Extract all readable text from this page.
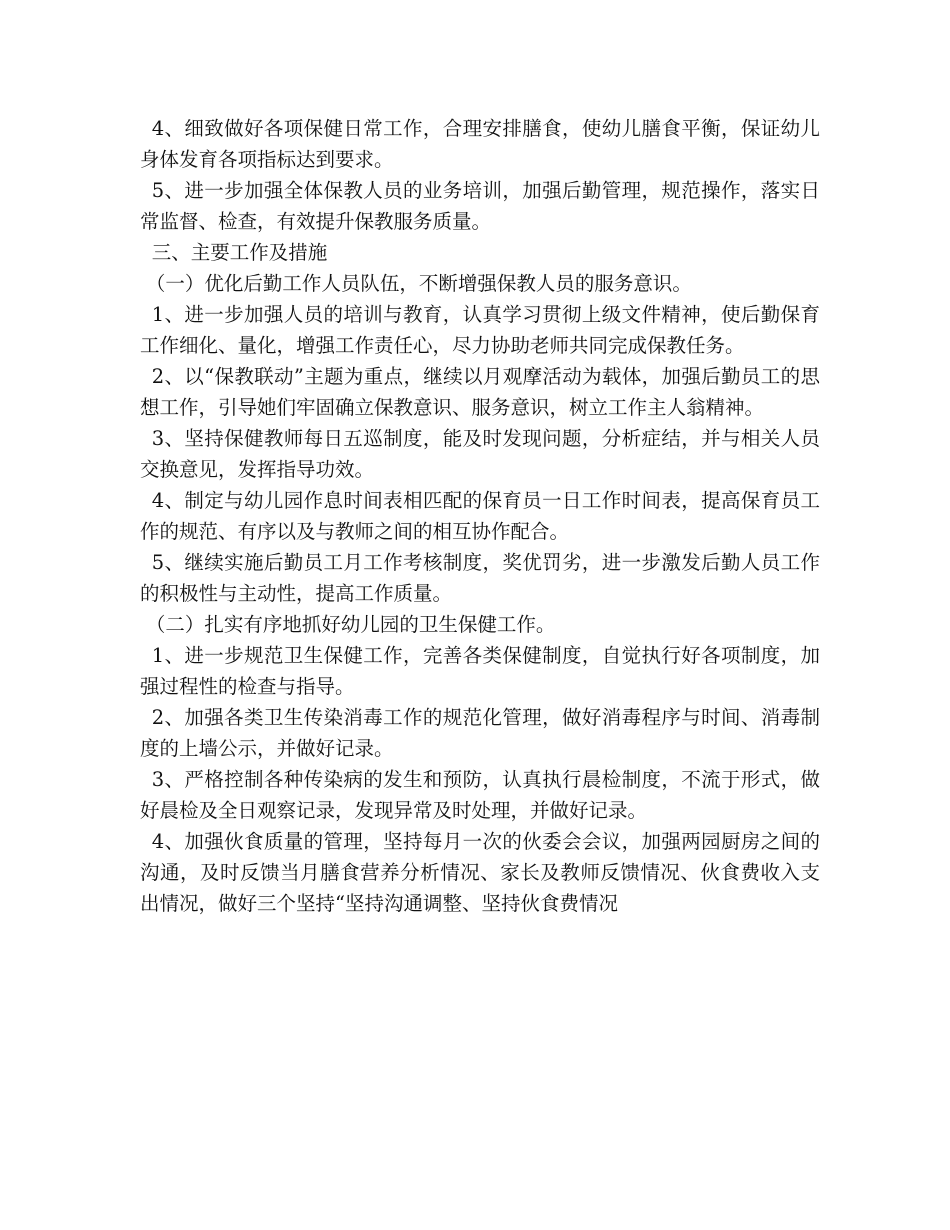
4、细致做好各项保健日常工作，合理安排膳食，使幼儿膳食平衡，保证幼儿身体发育各项指标达到要求。

5、进一步加强全体保教人员的业务培训，加强后勤管理，规范操作，落实日常监督、检查，有效提升保教服务质量。

三、主要工作及措施

（一）优化后勤工作人员队伍，不断增强保教人员的服务意识。

1、进一步加强人员的培训与教育，认真学习贯彻上级文件精神，使后勤保育工作细化、量化，增强工作责任心，尽力协助老师共同完成保教任务。

2、以“保教联动”主题为重点，继续以月观摩活动为载体，加强后勤员工的思想工作，引导她们牢固确立保教意识、服务意识，树立工作主人翁精神。

3、坚持保健教师每日五巡制度，能及时发现问题，分析症结，并与相关人员交换意见，发挥指导功效。

4、制定与幼儿园作息时间表相匹配的保育员一日工作时间表，提高保育员工作的规范、有序以及与教师之间的相互协作配合。

5、继续实施后勤员工月工作考核制度，奖优罚劣，进一步激发后勤人员工作的积极性与主动性，提高工作质量。

（二）扎实有序地抓好幼儿园的卫生保健工作。

1、进一步规范卫生保健工作，完善各类保健制度，自觉执行好各项制度，加强过程性的检查与指导。

2、加强各类卫生传染消毒工作的规范化管理，做好消毒程序与时间、消毒制度的上墙公示，并做好记录。

3、严格控制各种传染病的发生和预防，认真执行晨检制度，不流于形式，做好晨检及全日观察记录，发现异常及时处理，并做好记录。

4、加强伙食质量的管理，坚持每月一次的伙委会会议，加强两园厨房之间的沟通，及时反馈当月膳食营养分析情况、家长及教师反馈情况、伙食费收入支出情况，做好三个坚持“坚持沟通调整、坚持伙食费情况
